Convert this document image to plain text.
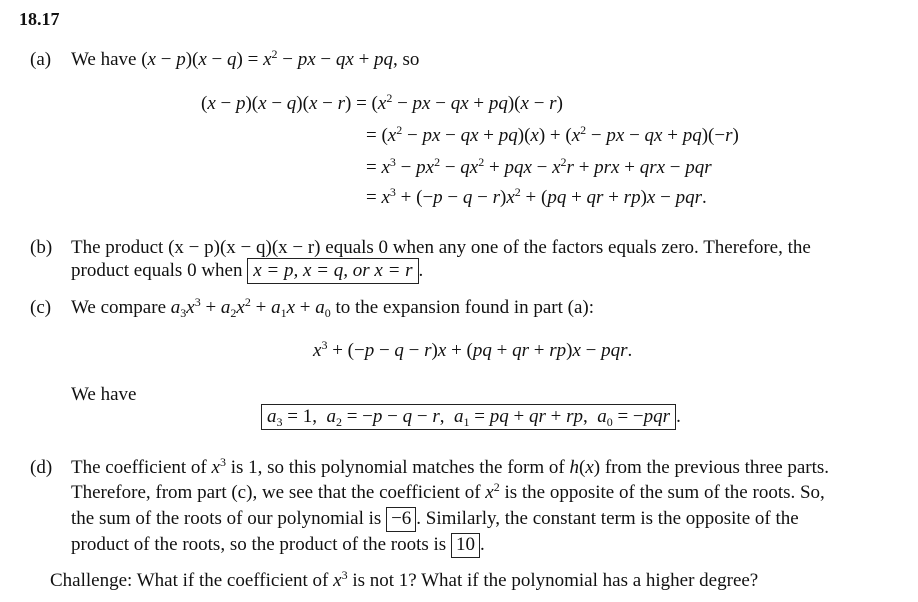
18.17
(a) We have $(x - p)(x - q) = x^2$ − px − qx + pq, so
$(x - p)(x - q)(x - r) = (x^2$ − px − qx + pq)(x − r)
= ($x^2$ − px − qx + $pq)(x) + (x^2$ − px − qx + pq)(−r)
= $x^3 - px^2 - qx^2$ + pqx − $x^2r$ + prx + qrx − pqr
= $x^3 + (-p - q - r)x^2 + (pq$ + qr + rp)x − pqr.
(b) The product (x − p)(x − q)(x − r) equals 0 when any one of the factors equals zero. Therefore, the
product equals 0 when x = p, x = q, or x = r .
(c) We compare $a_3x^3 + a_2x^2 + a_1x + a_0$ to the expansion found in part (a):
$x^3 + (-p - q - r)x + (pq$ + qr + rp)x − pqr.
We have
$a_3 = 1$,  $a_2 = -p - q - r$,  $a_1$ = pq + qr + rp,  $a_0 = -pqr$ .
(d) The coefficient of $x^3$ is 1, so this polynomial matches the form of h(x) from the previous three parts.
Therefore, from part (c), we see that the coefficient of $x^2$ is the opposite of the sum of the roots. So,
the sum of the roots of our polynomial is −6 . Similarly, the constant term is the opposite of the
product of the roots, so the product of the roots is 10 .
Challenge: What if the coefficient of $x^3$ is not 1? What if the polynomial has a higher degree?
